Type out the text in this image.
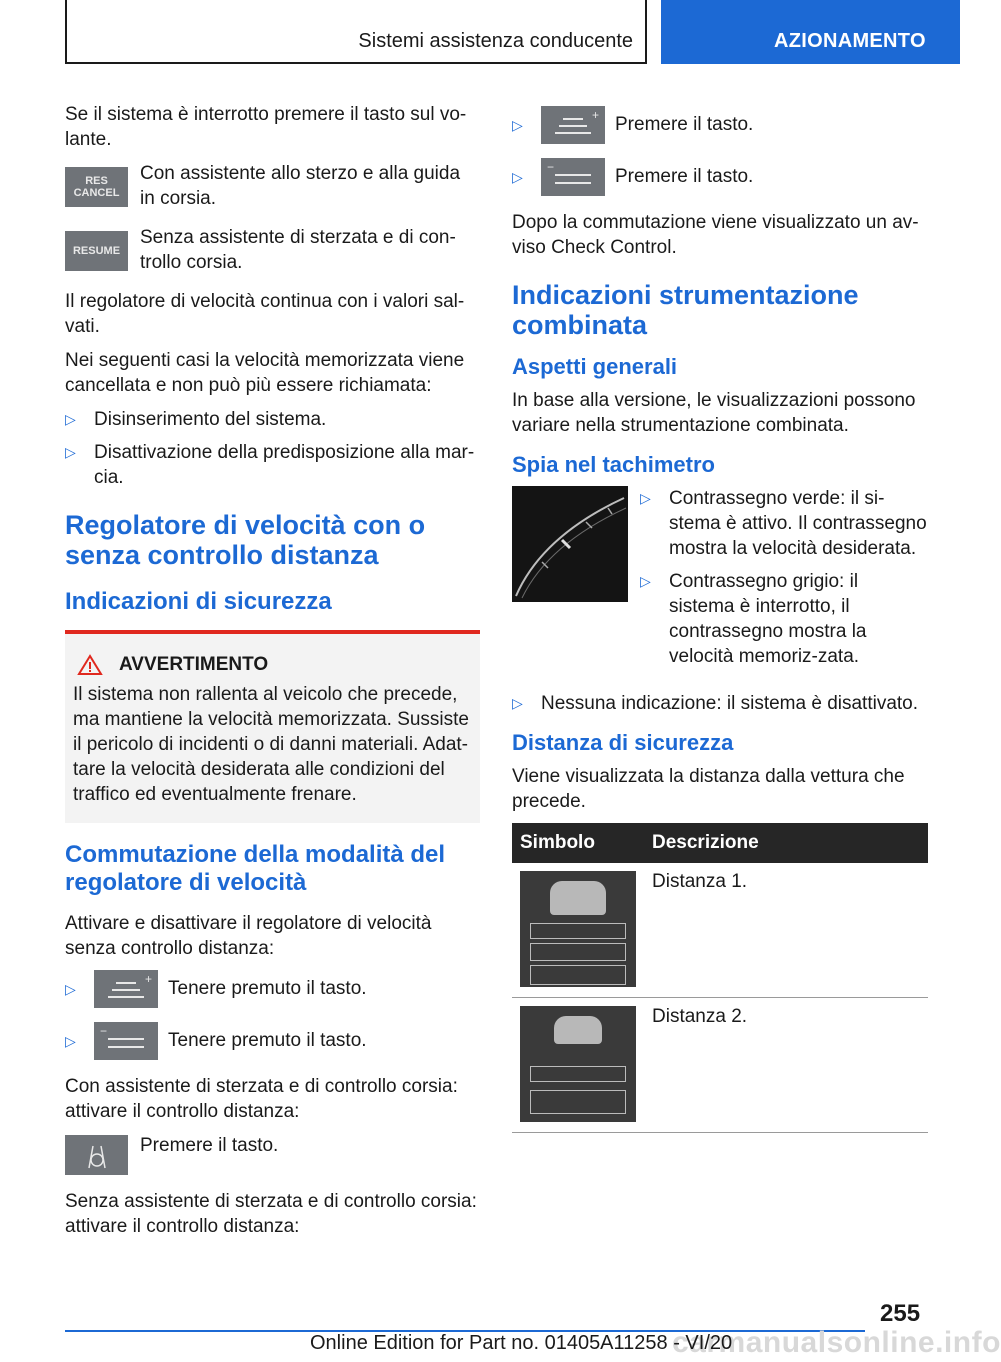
Sistemi assistenza conducente	AZIONAMENTO

Se il sistema è interrotto premere il tasto sul vo-lante.

RES CANCEL

Con assistente allo sterzo e alla guida in corsia.

RESUME

Senza assistente di sterzata e di con-trollo corsia.

Il regolatore di velocità continua con i valori sal-vati.

Nei seguenti casi la velocità memorizzata viene cancellata e non può più essere richiamata:

▷ Disinserimento del sistema.
▷ Disattivazione della predisposizione alla mar-cia.
Regolatore di velocità con o senza controllo distanza
Indicazioni di sicurezza
AVVERTIMENTO

Il sistema non rallenta al veicolo che precede, ma mantiene la velocità memorizzata. Sussiste il pericolo di incidenti o di danni materiali. Adat-tare la velocità desiderata alle condizioni del traffico ed eventualmente frenare.

Commutazione della modalità del regolatore di velocità

Attivare e disattivare il regolatore di velocità senza controllo distanza:

▷
+ Tenere premuto il tasto.
▷
−	Tenere premuto il tasto.

Con assistente di sterzata e di controllo corsia: attivare il controllo distanza:

Premere il tasto.

Senza assistente di sterzata e di controllo corsia: attivare il controllo distanza:

▷
+ Premere il tasto.
▷
−	Premere il tasto.

Dopo la commutazione viene visualizzato un av-viso Check Control.

Indicazioni strumentazione combinata
Aspetti generali

In base alla versione, le visualizzazioni possono variare nella strumentazione combinata.

Spia nel tachimetro
▷ Contrassegno verde: il si-stema è attivo. Il contrassegno mostra la velocità desiderata.
▷ Contrassegno grigio: il sistema è interrotto, il contrassegno mostra la velocità memoriz-zata.
▷ Nessuna indicazione: il sistema è disattivato.
Distanza di sicurezza

Viene visualizzata la distanza dalla vettura che precede.

Simbolo	Descrizione

	Distanza 1.

	Distanza 2.
255
carmanualsonline.info
Online Edition for Part no. 01405A11258 - VI/20
